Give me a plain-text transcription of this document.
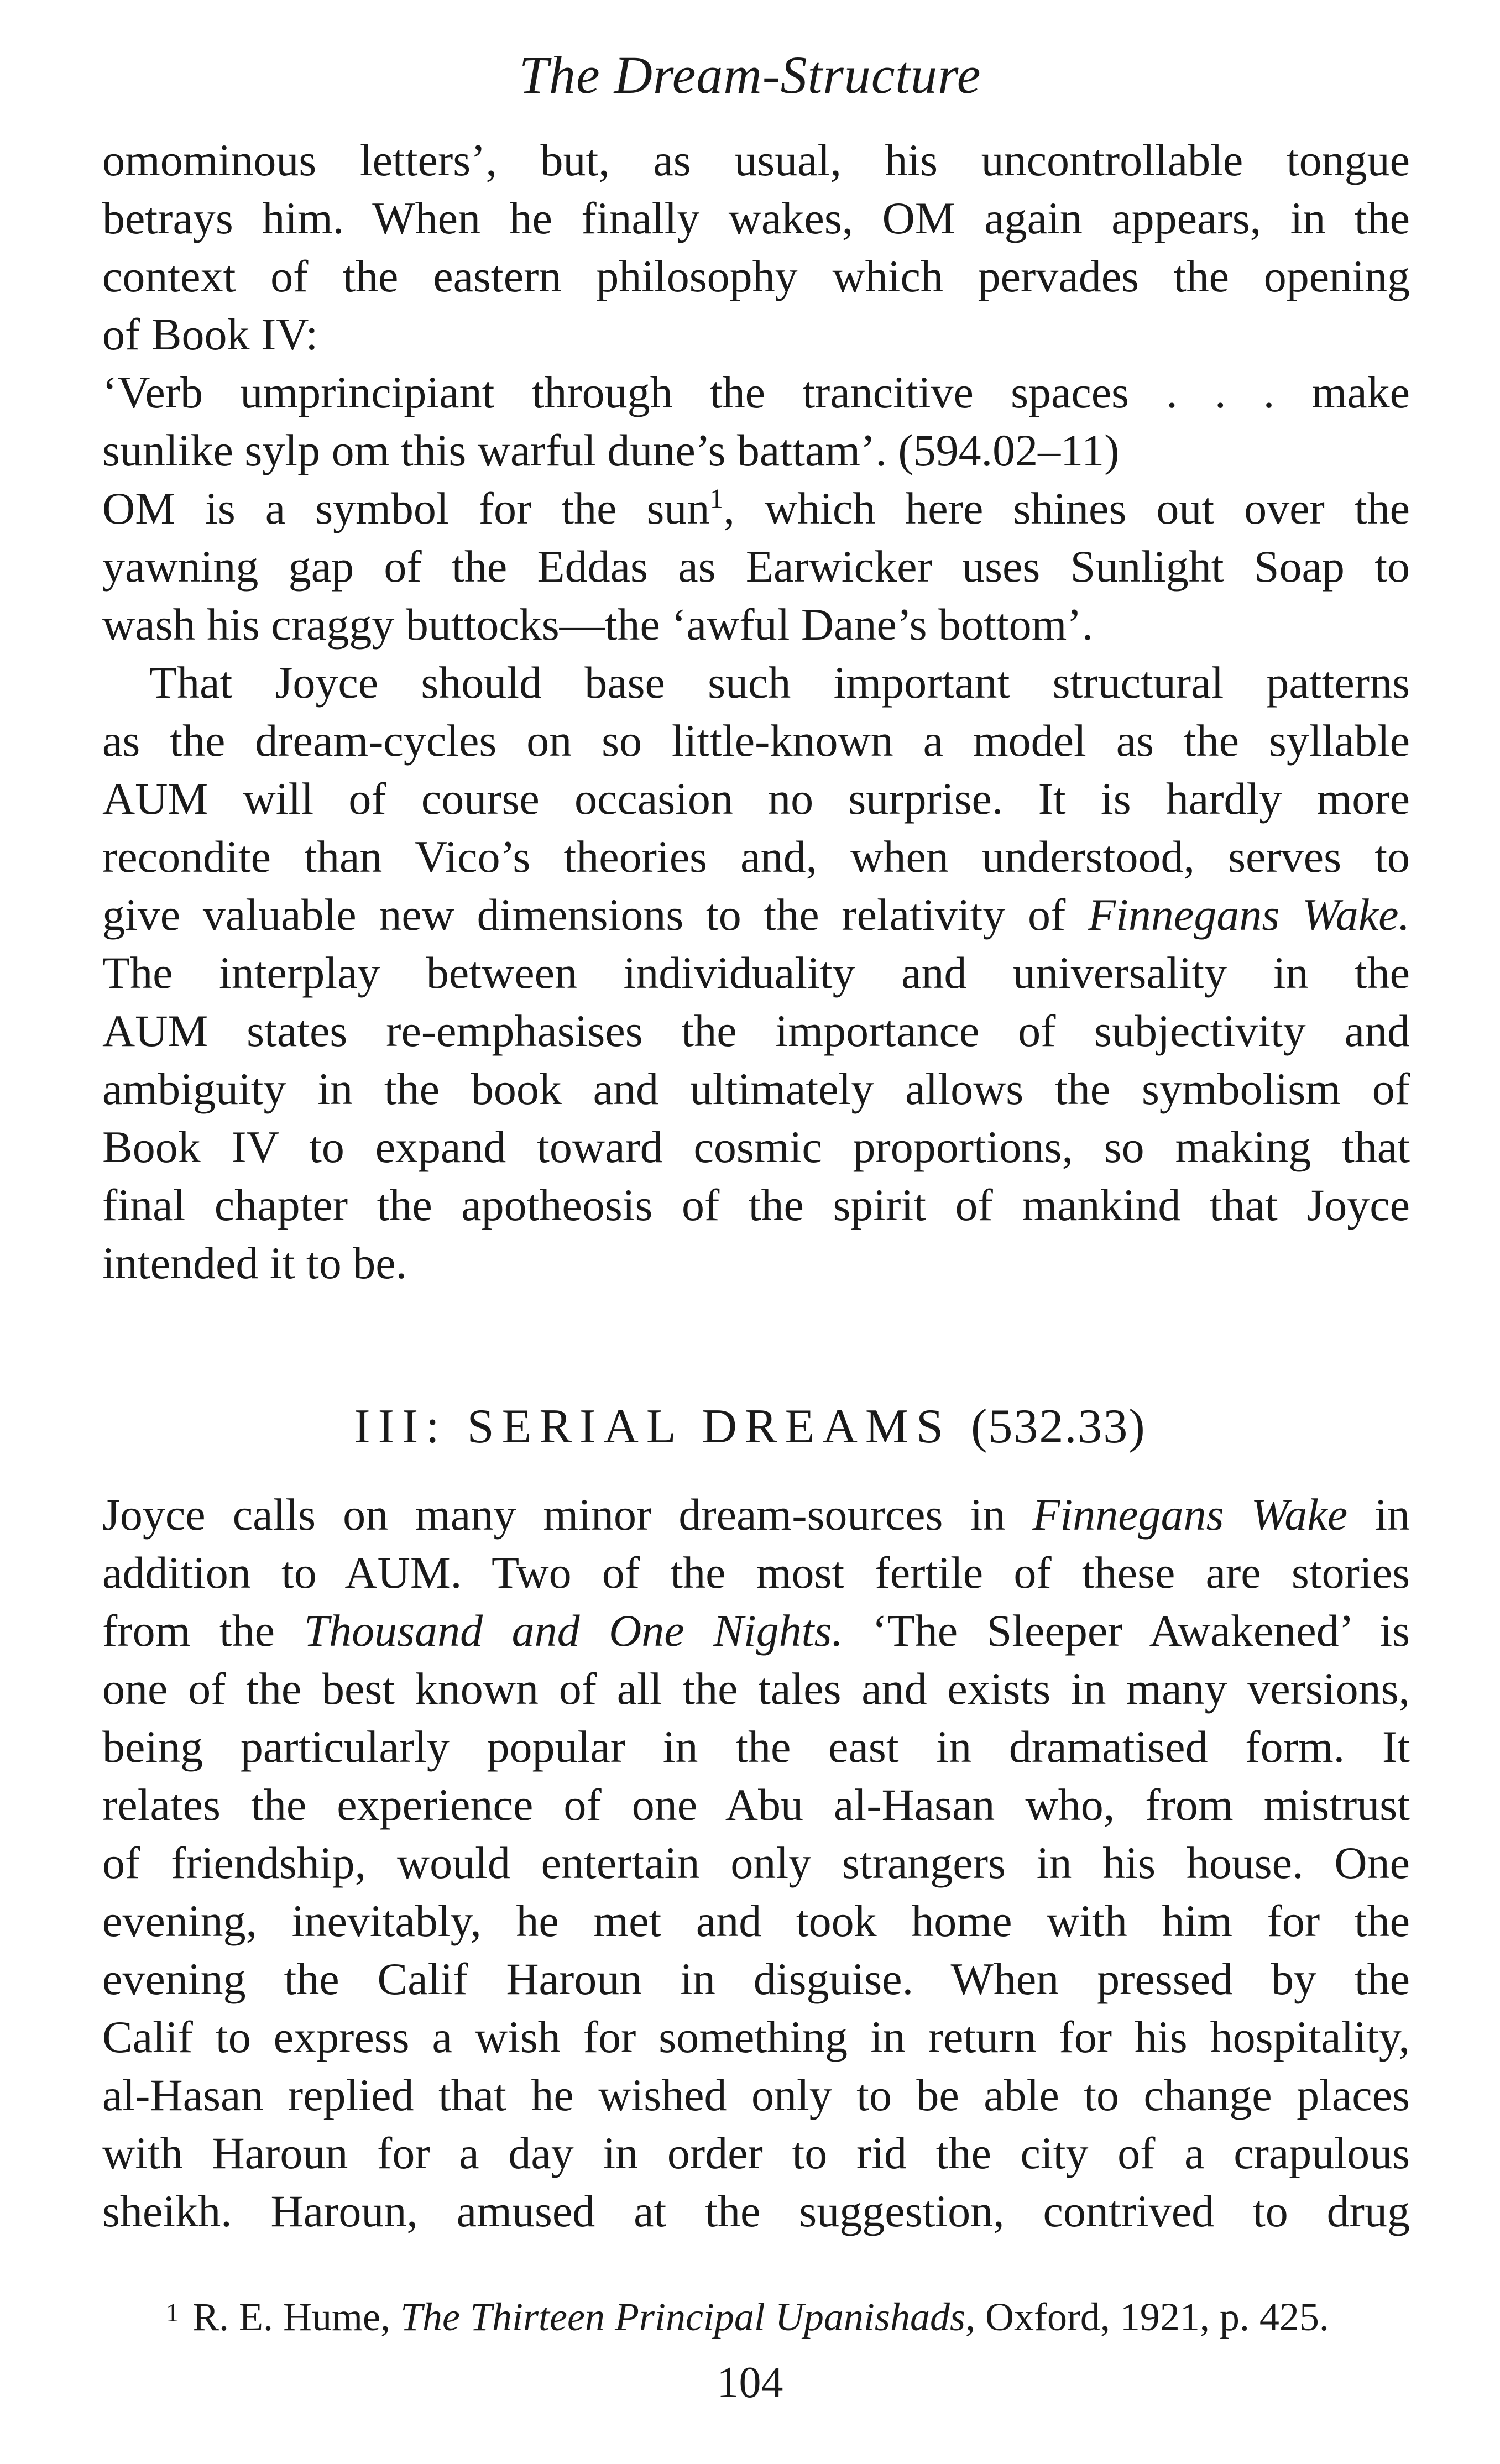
The Dream-Structure
omominous letters’, but, as usual, his uncontrollable tongue
betrays him. When he finally wakes, OM again appears, in the
context of the eastern philosophy which pervades the opening
of Book IV:
‘Verb umprincipiant through the trancitive spaces . . . make
sunlike sylp om this warful dune’s battam’. (594.02–11)
OM is a symbol for the sun$^1$, which here shines out over the
yawning gap of the Eddas as Earwicker uses Sunlight Soap to
wash his craggy buttocks—the ‘awful Dane’s bottom’.
That Joyce should base such important structural patterns
as the dream-cycles on so little-known a model as the syllable
AUM will of course occasion no surprise. It is hardly more
recondite than Vico’s theories and, when understood, serves to
give valuable new dimensions to the relativity of Finnegans Wake.
The interplay between individuality and universality in the
AUM states re-emphasises the importance of subjectivity and
ambiguity in the book and ultimately allows the symbolism of
Book IV to expand toward cosmic proportions, so making that
final chapter the apotheosis of the spirit of mankind that Joyce
intended it to be.
III: SERIAL DREAMS (532.33)
Joyce calls on many minor dream-sources in Finnegans Wake in
addition to AUM. Two of the most fertile of these are stories
from the Thousand and One Nights. ‘The Sleeper Awakened’ is
one of the best known of all the tales and exists in many versions,
being particularly popular in the east in dramatised form. It
relates the experience of one Abu al-Hasan who, from mistrust
of friendship, would entertain only strangers in his house. One
evening, inevitably, he met and took home with him for the
evening the Calif Haroun in disguise. When pressed by the
Calif to express a wish for something in return for his hospitality,
al-Hasan replied that he wished only to be able to change places
with Haroun for a day in order to rid the city of a crapulous
sheikh. Haroun, amused at the suggestion, contrived to drug
$^1$ R. E. Hume, The Thirteen Principal Upanishads, Oxford, 1921, p. 425.
104
